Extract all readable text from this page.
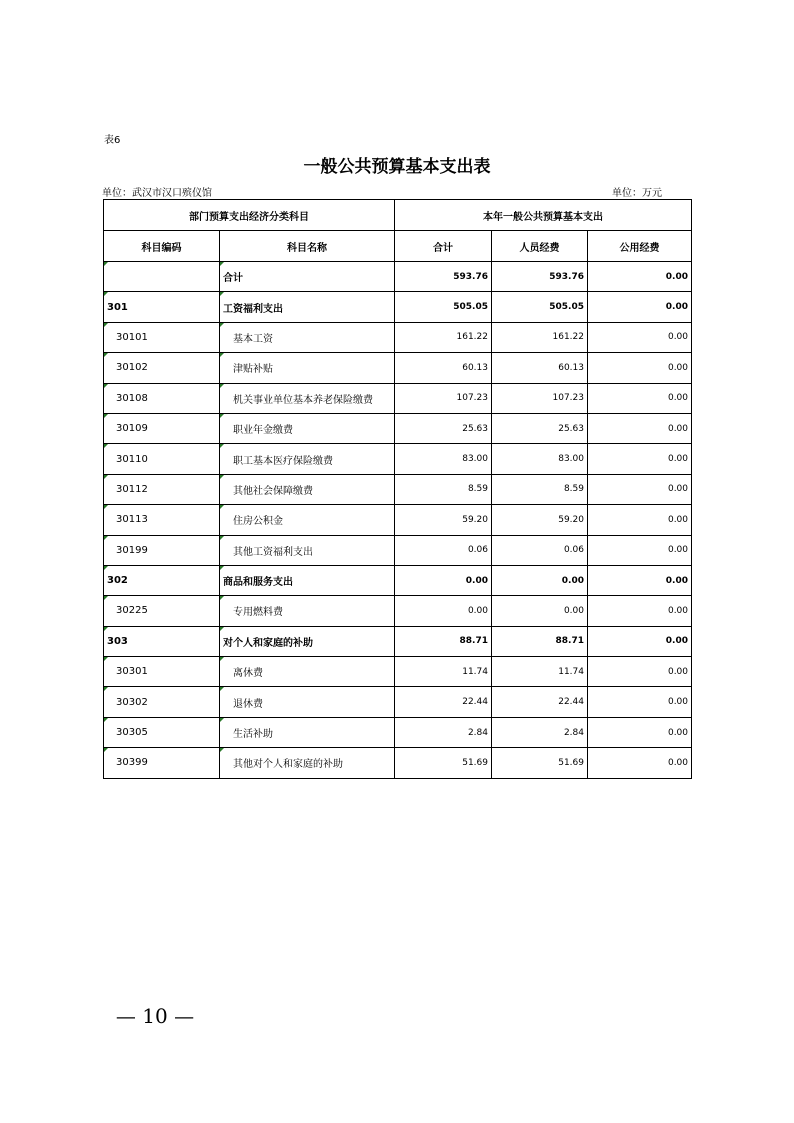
表6
一般公共预算基本支出表
单位：武汉市汉口殡仪馆	单位：万元
部门预算支出经济分类科目		本年一般公共预算基本支出		
科目编码	科目名称	合计	人员经费	公用经费
	合计	593.76	593.76	0.00
301	工资福利支出	505.05	505.05	0.00
30101	基本工资	161.22	161.22	0.00
30102	津贴补贴	60.13	60.13	0.00
30108	机关事业单位基本养老保险缴费	107.23	107.23	0.00
30109	职业年金缴费	25.63	25.63	0.00
30110	职工基本医疗保险缴费	83.00	83.00	0.00
30112	其他社会保障缴费	8.59	8.59	0.00
30113	住房公积金	59.20	59.20	0.00
30199	其他工资福利支出	0.06	0.06	0.00
302	商品和服务支出	0.00	0.00	0.00
30225	专用燃料费	0.00	0.00	0.00
303	对个人和家庭的补助	88.71	88.71	0.00
30301	离休费	11.74	11.74	0.00
30302	退休费	22.44	22.44	0.00
30305	生活补助	2.84	2.84	0.00
30399	其他对个人和家庭的补助	51.69	51.69	0.00
— 10 —
